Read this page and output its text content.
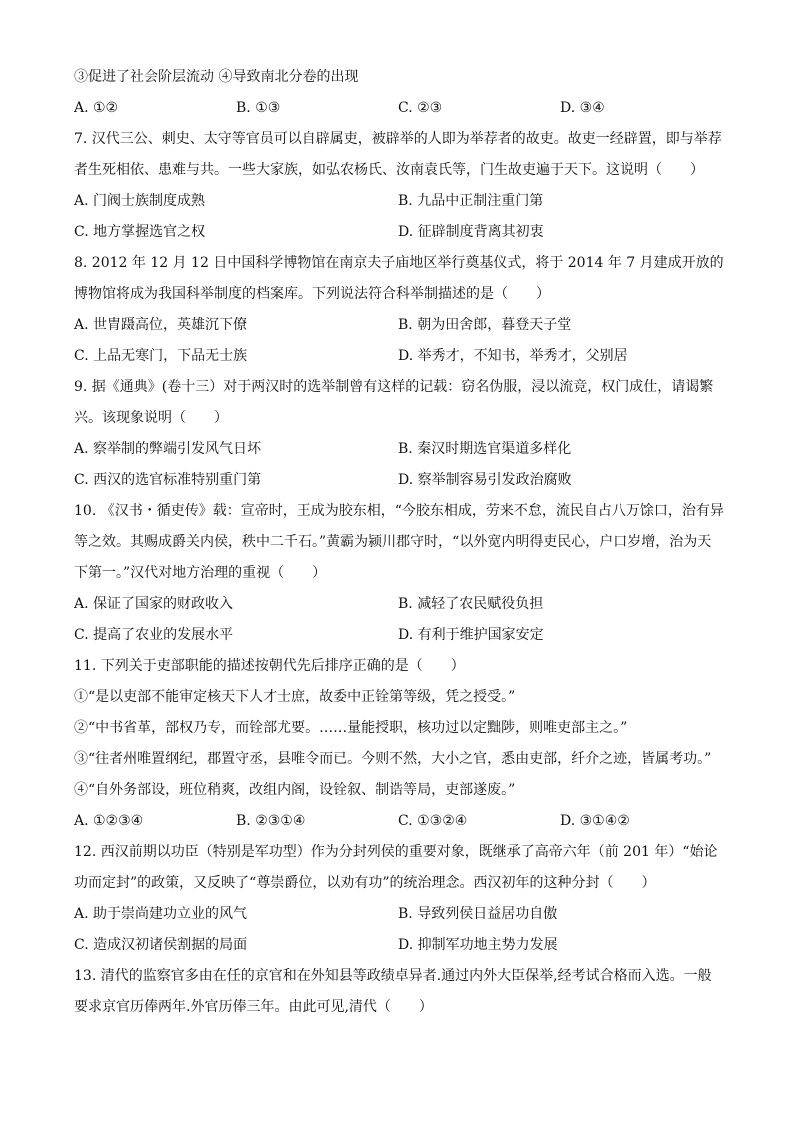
③促进了社会阶层流动 ④导致南北分卷的出现
A. ①②	B. ①③	C. ②③	D. ③④
7. 汉代三公、刺史、太守等官员可以自辟属吏，被辟举的人即为举荐者的故吏。故吏一经辟置，即与举荐者生死相依、患难与共。一些大家族，如弘农杨氏、汝南袁氏等，门生故吏遍于天下。这说明（　　）
A. 门阀士族制度成熟	B. 九品中正制注重门第
C. 地方掌握选官之权	D. 征辟制度背离其初衷
8. 2012 年 12 月 12 日中国科学博物馆在南京夫子庙地区举行奠基仪式，将于 2014 年 7 月建成开放的博物馆将成为我国科举制度的档案库。下列说法符合科举制描述的是（　　）
A. 世胄蹑高位，英雄沉下僚	B. 朝为田舍郎，暮登天子堂
C. 上品无寒门，下品无士族	D. 举秀才，不知书，举秀才，父别居
9. 据《通典》(卷十三）对于两汉时的选举制曾有这样的记载：窃名伪服，浸以流竞，权门成仕，请谒繁兴。该现象说明（　　）
A. 察举制的弊端引发风气日坏	B. 秦汉时期选官渠道多样化
C. 西汉的选官标准特别重门第	D. 察举制容易引发政治腐败
10. 《汉书・循吏传》载：宣帝时，王成为胶东相，“今胶东相成，劳来不怠，流民自占八万馀口，治有异等之效。其赐成爵关内侯，秩中二千石。”黄霸为颍川郡守时，“以外宽内明得吏民心，户口岁增，治为天下第一。”汉代对地方治理的重视（　　）
A. 保证了国家的财政收入	B. 减轻了农民赋役负担
C. 提高了农业的发展水平	D. 有利于维护国家安定
11. 下列关于吏部职能的描述按朝代先后排序正确的是（　　）
①“是以吏部不能审定核天下人才士庶，故委中正铨第等级，凭之授受。”
②“中书省革，部权乃专，而铨部尤要。……量能授职，核功过以定黜陟，则唯吏部主之。”
③“往者州唯置纲纪，郡置守丞，县唯令而已。今则不然，大小之官，悉由吏部，纤介之迹，皆属考功。”
④“自外务部设，班位稍爽，改组内阁，设铨叙、制诰等局，吏部遂废。”
A. ①②③④	B. ②③①④	C. ①③②④	D. ③①④②
12. 西汉前期以功臣（特别是军功型）作为分封列侯的重要对象，既继承了高帝六年（前 201 年）“始论功而定封”的政策，又反映了“尊崇爵位，以劝有功”的统治理念。西汉初年的这种分封（　　）
A. 助于崇尚建功立业的风气	B. 导致列侯日益居功自傲
C. 造成汉初诸侯割据的局面	D. 抑制军功地主势力发展
13. 清代的监察官多由在任的京官和在外知县等政绩卓异者.通过内外大臣保举,经考试合格而入选。一般要求京官历俸两年.外官历俸三年。由此可见,清代（　　）
